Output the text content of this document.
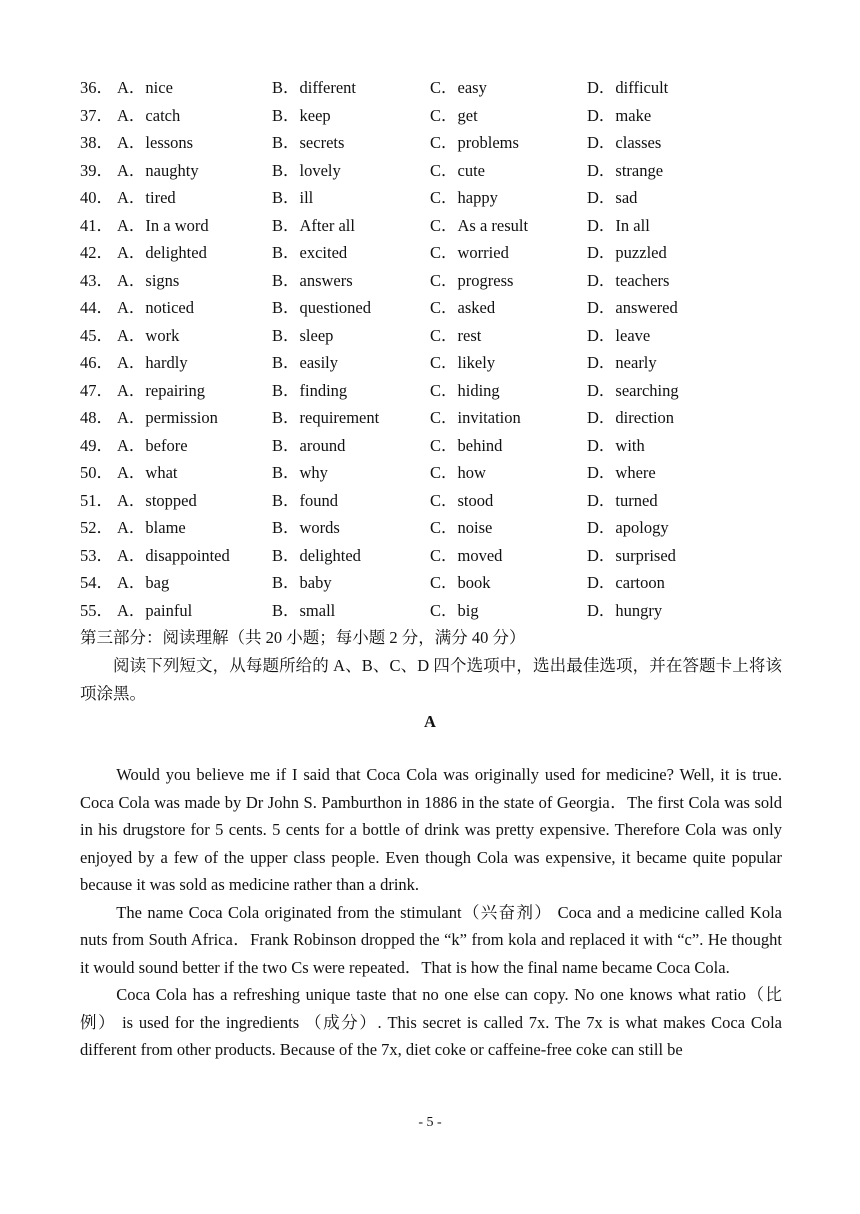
36． A．nice	B．different	C．easy	D．difficult
37． A．catch	B．keep	C．get	D．make
38． A．lessons	B．secrets	C．problems	D．classes
39． A．naughty	B．lovely	C．cute	D．strange
40． A．tired	B．ill	C．happy	D．sad
41． A．In a word	B．After all	C．As a result	D．In all
42． A．delighted	B．excited	C．worried	D．puzzled
43． A．signs	B．answers	C．progress	D．teachers
44． A．noticed	B．questioned	C．asked	D．answered
45． A．work	B．sleep	C．rest	D．leave
46． A．hardly	B．easily	C．likely	D．nearly
47． A．repairing	B．finding	C．hiding	D．searching
48． A．permission	B．requirement	C．invitation	D．direction
49． A．before	B．around	C．behind	D．with
50． A．what	B．why	C．how	D．where
51． A．stopped	B．found	C．stood	D．turned
52． A．blame	B．words	C．noise	D．apology
53． A．disappointed	B．delighted	C．moved	D．surprised
54． A．bag	B．baby	C．book	D．cartoon
55． A．painful	B．small	C．big	D．hungry
第三部分：阅读理解（共 20 小题；每小题 2 分，满分 40 分）
阅读下列短文，从每题所给的 A、B、C、D 四个选项中，选出最佳选项，并在答题卡上将该项涂黑。
A

Would you believe me if I said that Coca Cola was originally used for medicine? Well, it is true. Coca Cola was made by Dr John S. Pamburthon in 1886 in the state of Georgia．The first Cola was sold in his drugstore for 5 cents. 5 cents for a bottle of drink was pretty expensive. Therefore Cola was only enjoyed by a few of the upper class people. Even though Cola was expensive, it became quite popular because it was sold as medicine rather than a drink.

The name Coca Cola originated from the stimulant（兴奋剂） Coca and a medicine called Kola nuts from South Africa．Frank Robinson dropped the “k” from kola and replaced it with “c”. He thought it would sound better if the two Cs were repeated．That is how the final name became Coca Cola.

Coca Cola has a refreshing unique taste that no one else can copy. No one knows what ratio（比例） is used for the ingredients （成分）. This secret is called 7x. The 7x is what makes Coca Cola different from other products. Because of the 7x, diet coke or caffeine-free coke can still be

- 5 -
